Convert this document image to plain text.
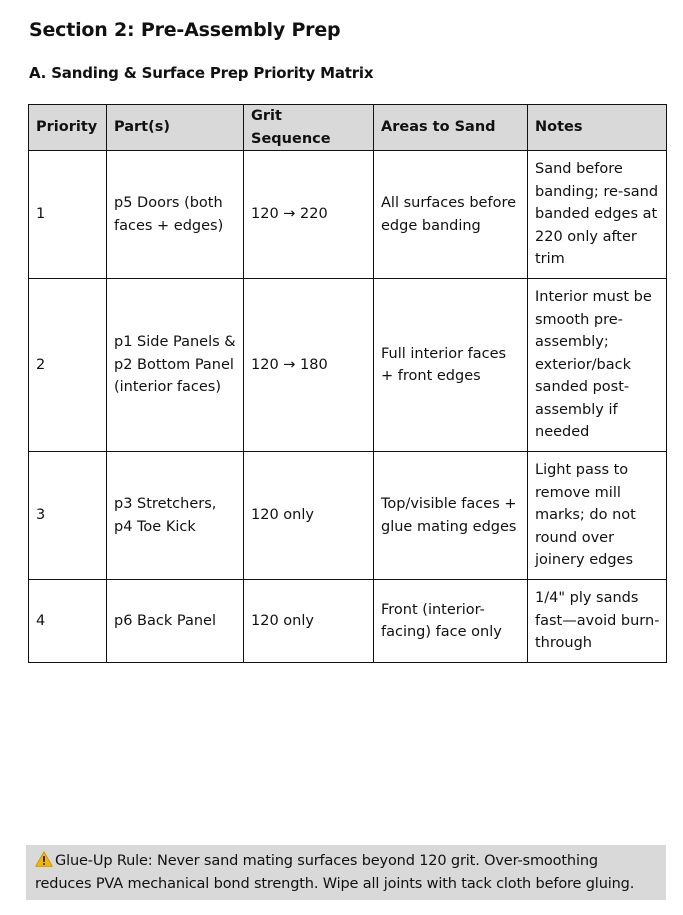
Section 2: Pre-Assembly Prep
A. Sanding & Surface Prep Priority Matrix
Priority	Part(s)	Grit Sequence	Areas to Sand	Notes
1	p5 Doors (both faces + edges)	120 → 220	All surfaces before edge banding	Sand before banding; re-sand banded edges at 220 only after trim
2	p1 Side Panels & p2 Bottom Panel (interior faces)	120 → 180	Full interior faces + front edges	Interior must be smooth pre-assembly; exterior/back sanded post-assembly if needed
3	p3 Stretchers, p4 Toe Kick	120 only	Top/visible faces + glue mating edges	Light pass to remove mill marks; do not round over joinery edges
4	p6 Back Panel	120 only	Front (interior-facing) face only	1/4" ply sands fast—avoid burn-through
Glue-Up Rule: Never sand mating surfaces beyond 120 grit. Over-smoothing reduces PVA mechanical bond strength. Wipe all joints with tack cloth before gluing.
